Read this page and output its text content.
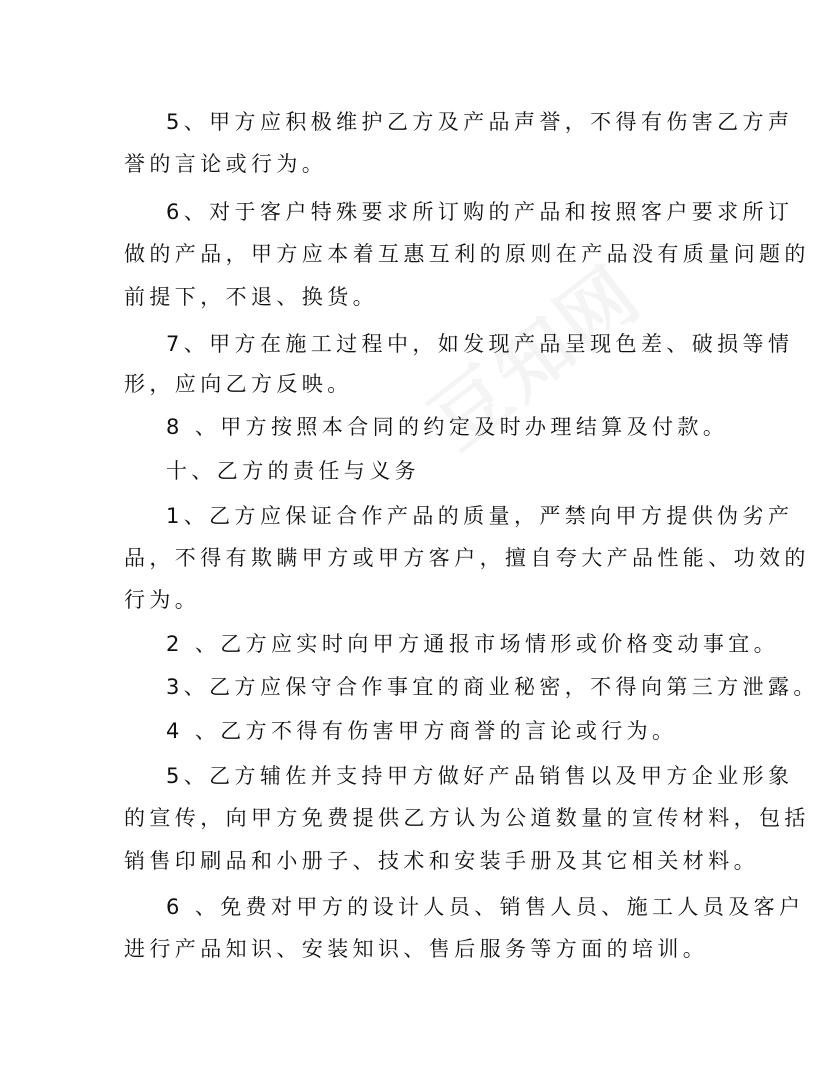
5、甲方应积极维护乙方及产品声誉，不得有伤害乙方声
誉的言论或行为。
6、对于客户特殊要求所订购的产品和按照客户要求所订
做的产品，甲方应本着互惠互利的原则在产品没有质量问题的
前提下，不退、换货。
7、甲方在施工过程中，如发现产品呈现色差、破损等情
形，应向乙方反映。
8 、甲方按照本合同的约定及时办理结算及付款。
十、乙方的责任与义务
1、乙方应保证合作产品的质量，严禁向甲方提供伪劣产
品，不得有欺瞒甲方或甲方客户，擅自夸大产品性能、功效的
行为。
2 、乙方应实时向甲方通报市场情形或价格变动事宜。
3、乙方应保守合作事宜的商业秘密，不得向第三方泄露。
4 、乙方不得有伤害甲方商誉的言论或行为。
5、乙方辅佐并支持甲方做好产品销售以及甲方企业形象
的宣传，向甲方免费提供乙方认为公道数量的宣传材料，包括
销售印刷品和小册子、技术和安装手册及其它相关材料。
6 、免费对甲方的设计人员、销售人员、施工人员及客户
进行产品知识、安装知识、售后服务等方面的培训。
